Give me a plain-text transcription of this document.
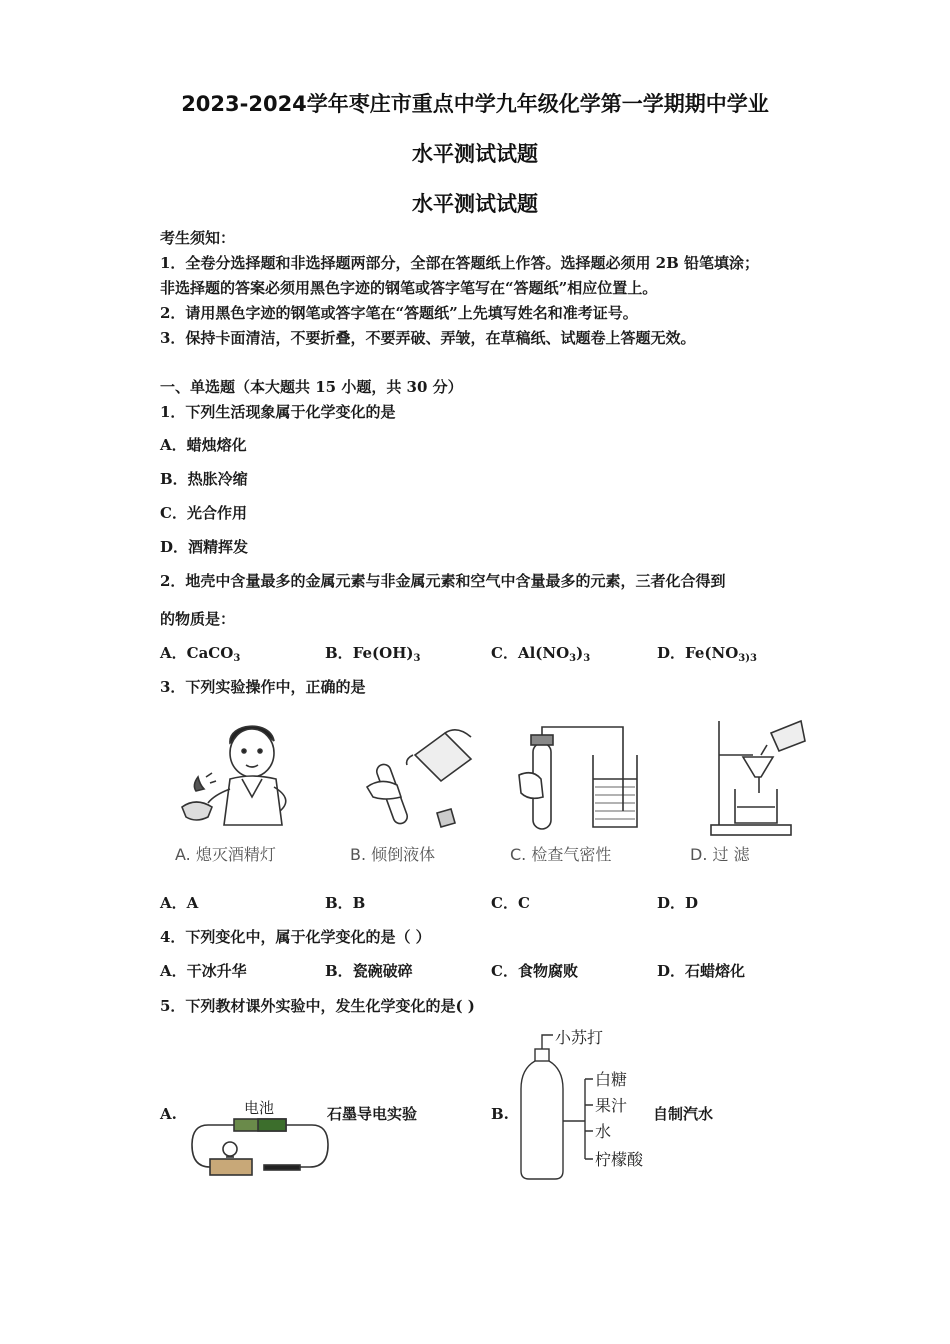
2023-2024学年枣庄市重点中学九年级化学第一学期期中学业
水平测试试题
水平测试试题
考生须知：
1．全卷分选择题和非选择题两部分，全部在答题纸上作答。选择题必须用 2B 铅笔填涂；
非选择题的答案必须用黑色字迹的钢笔或答字笔写在“答题纸”相应位置上。
2．请用黑色字迹的钢笔或答字笔在“答题纸”上先填写姓名和准考证号。
3．保持卡面清洁，不要折叠，不要弄破、弄皱，在草稿纸、试题卷上答题无效。
一、单选题（本大题共 15 小题，共 30 分）
1．下列生活现象属于化学变化的是
A．蜡烛熔化
B．热胀冷缩
C．光合作用
D．酒精挥发
2．地壳中含量最多的金属元素与非金属元素和空气中含量最多的元素，三者化合得到
的物质是：
A．CaCO$_3$	B．$Fe(OH)_3$	C．$Al(NO_3)_3$	D．$Fe(NO_{3)3}$
3．下列实验操作中，正确的是
A. 熄灭酒精灯	B. 倾倒液体	C. 检查气密性	D. 过 滤
A．A	B．B	C．C	D．D
4．下列变化中，属于化学变化的是（ ）
A．干冰升华	B．瓷碗破碎	C．食物腐败	D．石蜡熔化
5．下列教材课外实验中，发生化学变化的是( )
A.	电池	石墨导电实验	B.
小苏打
白糖
果汁
水
柠檬酸
自制汽水
